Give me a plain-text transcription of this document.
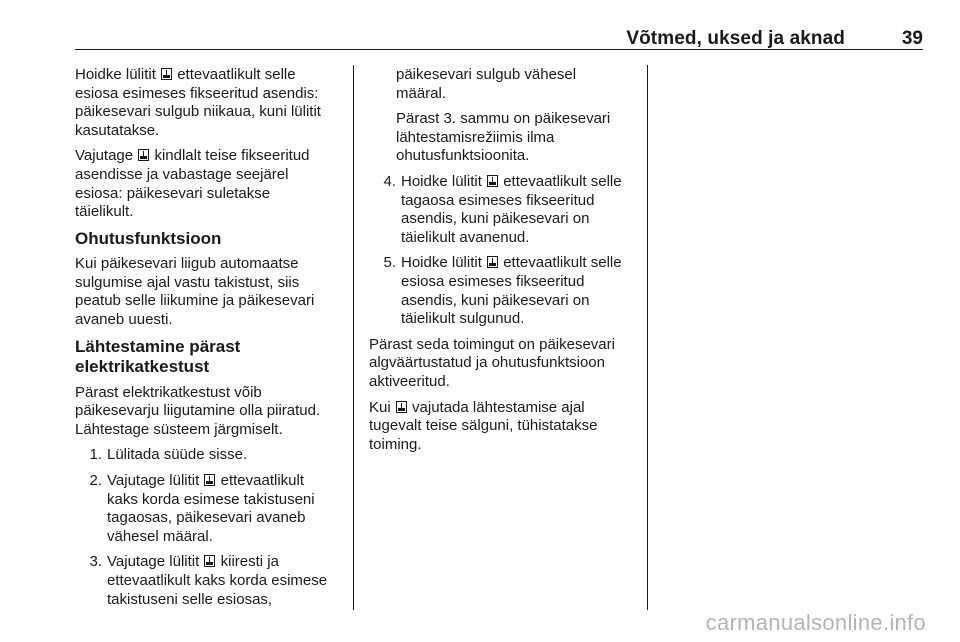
Võtmed, uksed ja aknad	39

Hoidke lülitit  ettevaatlikult selle
esiosa esimeses fikseeritud asendis:
päikesevari sulgub niikaua, kuni lülitit
kasutatakse.

Vajutage  kindlalt teise fikseeritud
asendisse ja vabastage seejärel
esiosa: päikesevari suletakse
täielikult.

Ohutusfunktsioon

Kui päikesevari liigub automaatse
sulgumise ajal vastu takistust, siis
peatub selle liikumine ja päikesevari
avaneb uuesti.

Lähtestamine pärast
elektrikatkestust

Pärast elektrikatkestust võib
päikesevarju liigutamine olla piiratud.
Lähtestage süsteem järgmiselt.

1. Lülitada süüde sisse.
2. Vajutage lülitit  ettevaatlikult
kaks korda esimese takistuseni
tagaosas, päikesevari avaneb
vähesel määral.
3. Vajutage lülitit  kiiresti ja
ettevaatlikult kaks korda esimese
takistuseni selle esiosas,
päikesevari sulgub vähesel
määral.
Pärast 3. sammu on päikesevari
lähtestamisrežiimis ilma
ohutusfunktsioonita.
4. Hoidke lülitit  ettevaatlikult selle
tagaosa esimeses fikseeritud
asendis, kuni päikesevari on
täielikult avanenud.
5. Hoidke lülitit  ettevaatlikult selle
esiosa esimeses fikseeritud
asendis, kuni päikesevari on
täielikult sulgunud.

Pärast seda toimingut on päikesevari
algväärtustatud ja ohutusfunktsioon
aktiveeritud.

Kui  vajutada lähtestamise ajal
tugevalt teise sälguni, tühistatakse
toiming.

carmanualsonline.info
